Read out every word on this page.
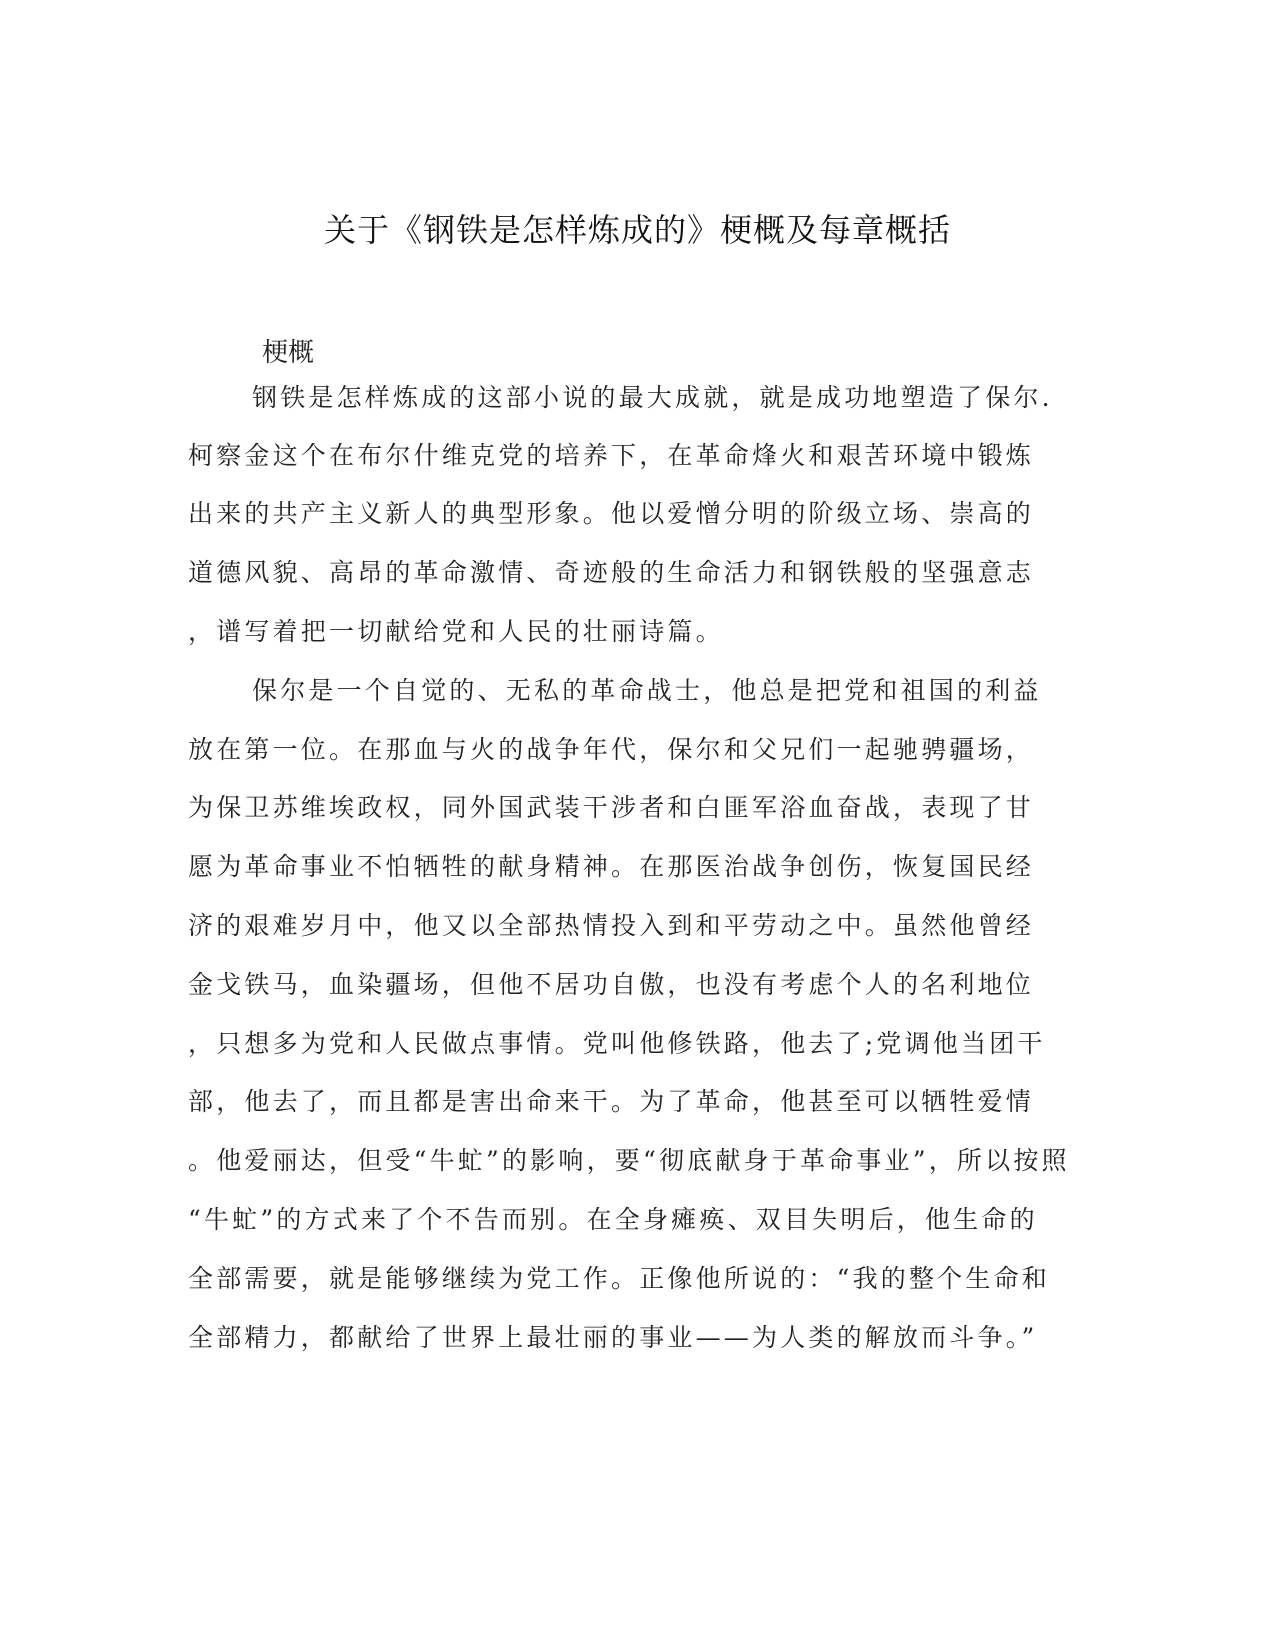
关于《钢铁是怎样炼成的》梗概及每章概括
梗概
钢铁是怎样炼成的这部小说的最大成就，就是成功地塑造了保尔.
柯察金这个在布尔什维克党的培养下，在革命烽火和艰苦环境中锻炼
出来的共产主义新人的典型形象。他以爱憎分明的阶级立场、崇高的
道德风貌、高昂的革命激情、奇迹般的生命活力和钢铁般的坚强意志
，谱写着把一切献给党和人民的壮丽诗篇。
保尔是一个自觉的、无私的革命战士，他总是把党和祖国的利益
放在第一位。在那血与火的战争年代，保尔和父兄们一起驰骋疆场，
为保卫苏维埃政权，同外国武装干涉者和白匪军浴血奋战，表现了甘
愿为革命事业不怕牺牲的献身精神。在那医治战争创伤，恢复国民经
济的艰难岁月中，他又以全部热情投入到和平劳动之中。虽然他曾经
金戈铁马，血染疆场，但他不居功自傲，也没有考虑个人的名利地位
，只想多为党和人民做点事情。党叫他修铁路，他去了;党调他当团干
部，他去了，而且都是害出命来干。为了革命，他甚至可以牺牲爱情
。他爱丽达，但受“牛虻”的影响，要“彻底献身于革命事业”，所以按照
“牛虻”的方式来了个不告而别。在全身瘫痪、双目失明后，他生命的
全部需要，就是能够继续为党工作。正像他所说的：“我的整个生命和
全部精力，都献给了世界上最壮丽的事业——为人类的解放而斗争。”
